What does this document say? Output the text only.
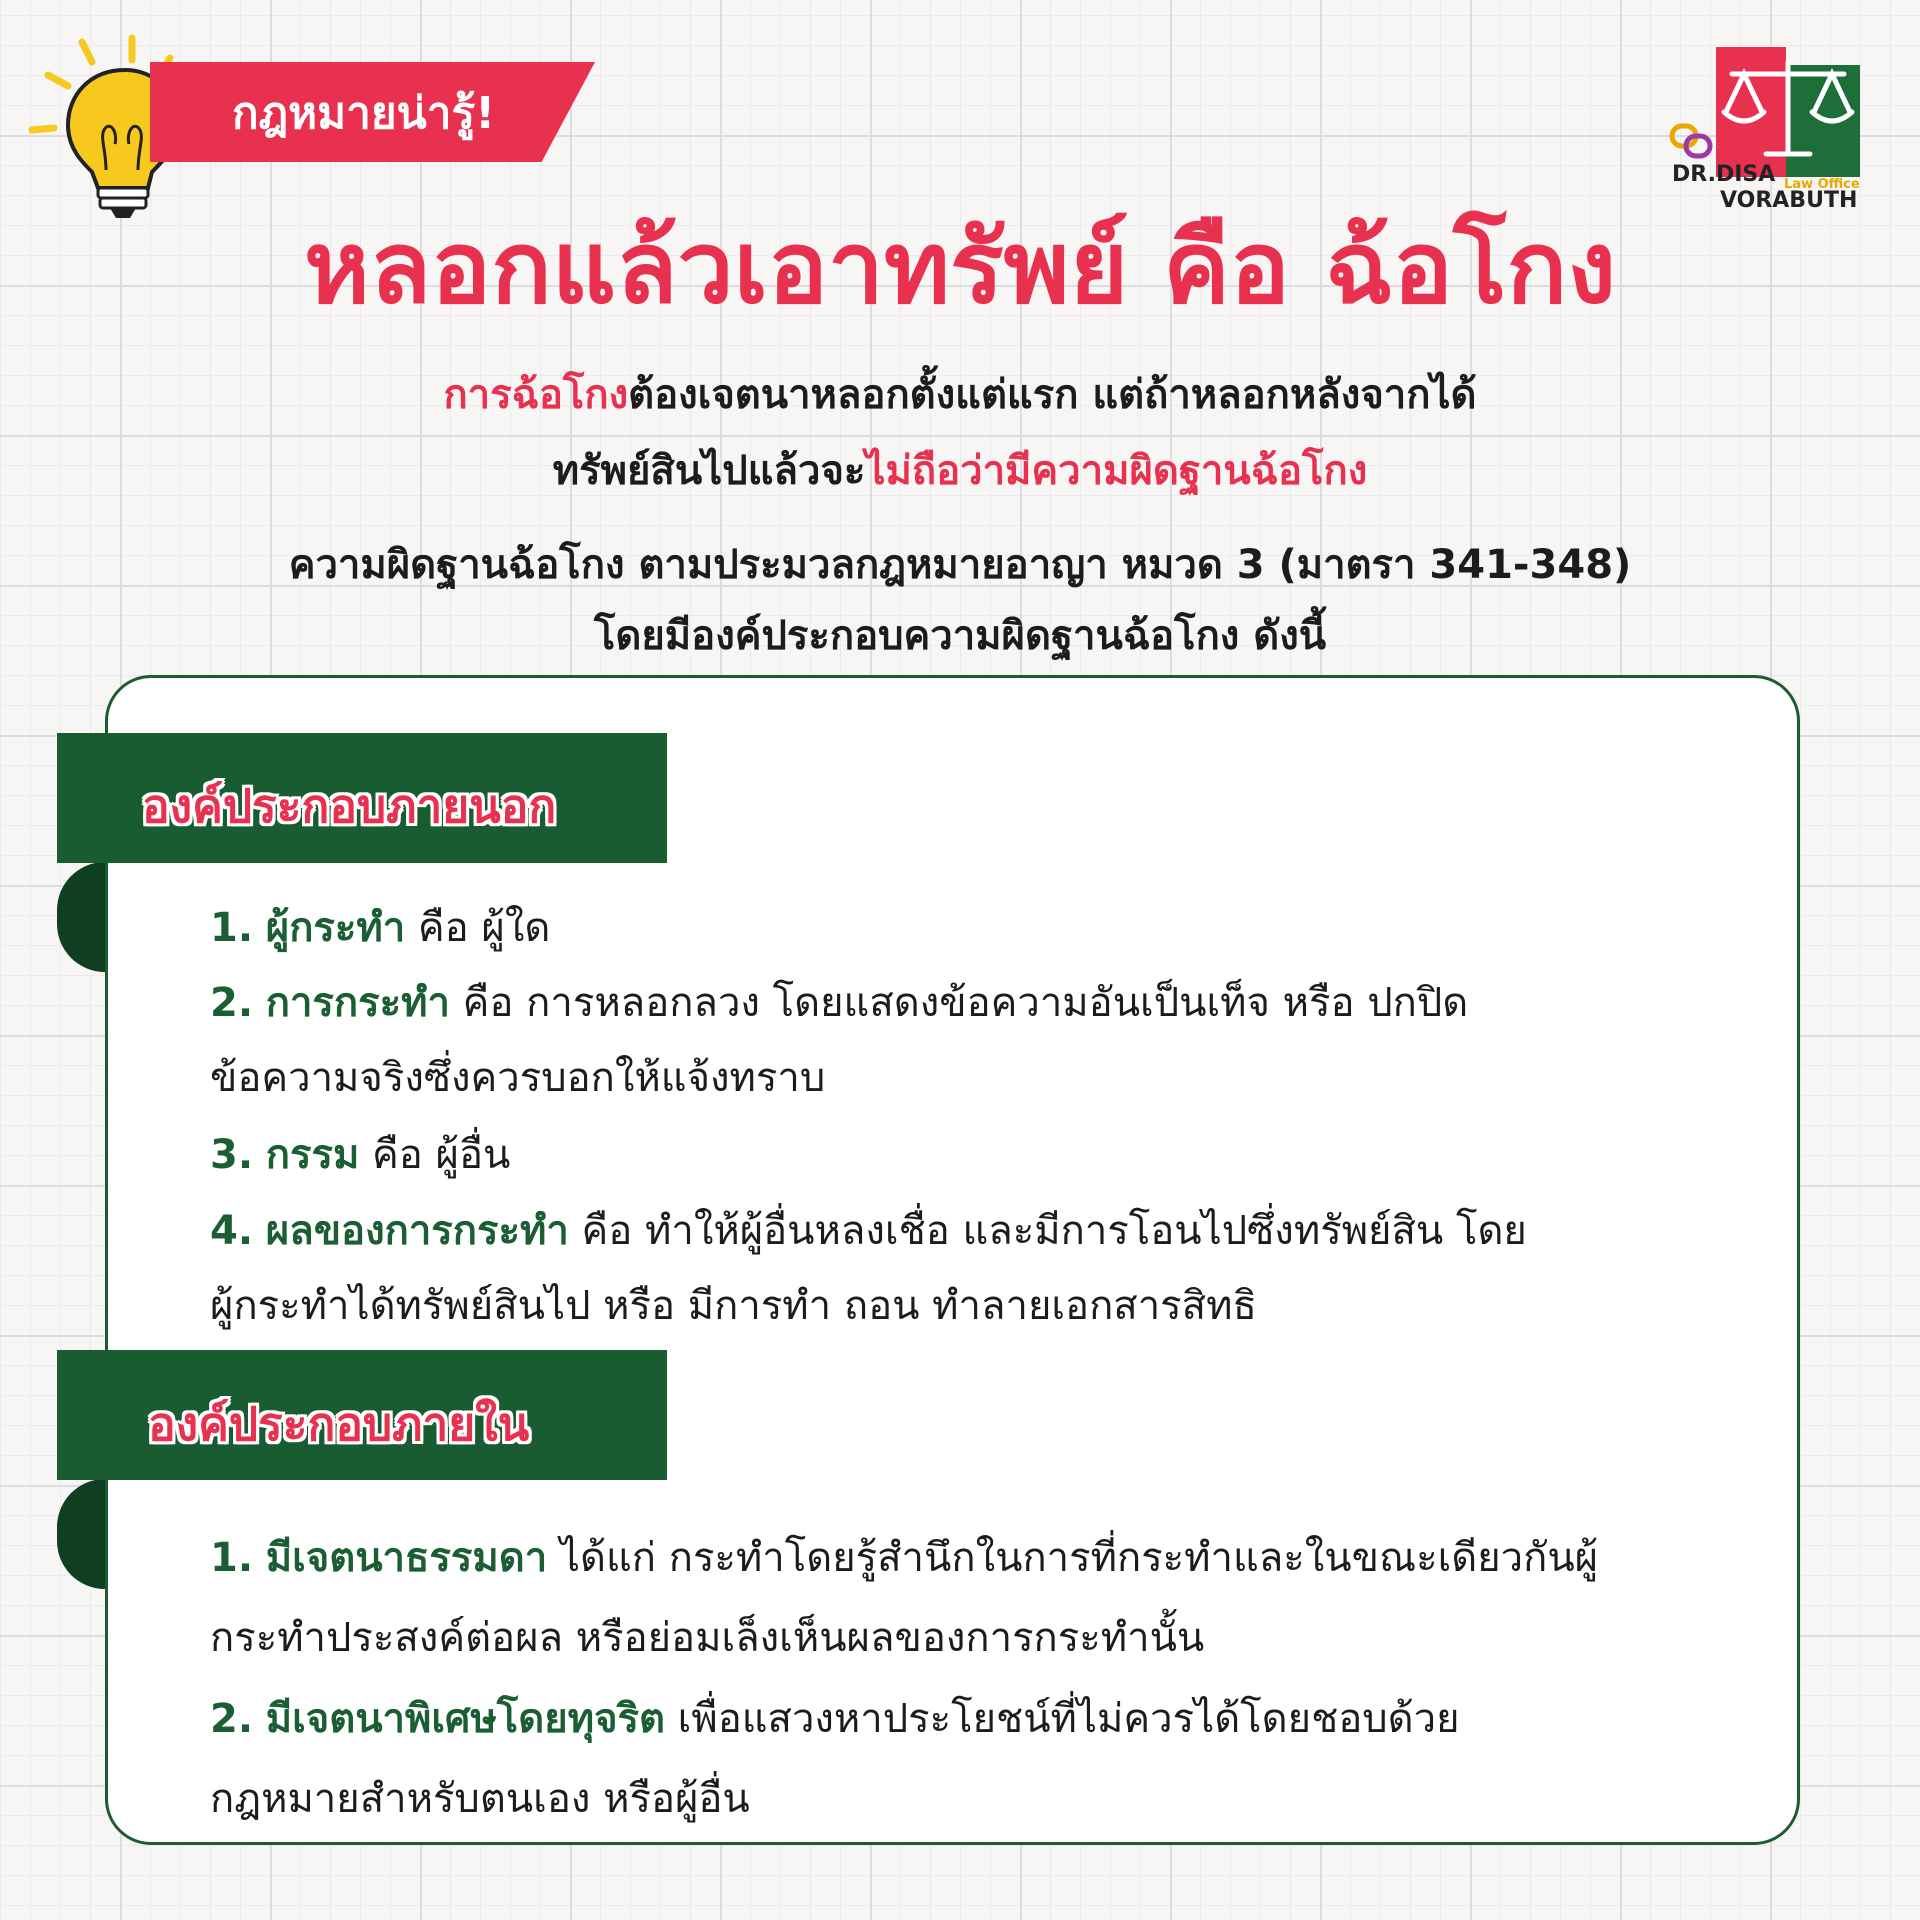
กฎหมายน่ารู้!
DR.DISA Law Office
VORABUTH
หลอกแล้วเอาทรัพย์ คือ ฉ้อโกง
การฉ้อโกงต้องเจตนาหลอกตั้งแต่แรก แต่ถ้าหลอกหลังจากได้
ทรัพย์สินไปแล้วจะไม่ถือว่ามีความผิดฐานฉ้อโกง
ความผิดฐานฉ้อโกง ตามประมวลกฎหมายอาญา หมวด 3 (มาตรา 341-348)
โดยมีองค์ประกอบความผิดฐานฉ้อโกง ดังนี้
องค์ประกอบภายนอก
1. ผู้กระทำ คือ ผู้ใด
2. การกระทำ คือ การหลอกลวง โดยแสดงข้อความอันเป็นเท็จ หรือ ปกปิด
ข้อความจริงซึ่งควรบอกให้แจ้งทราบ
3. กรรม คือ ผู้อื่น
4. ผลของการกระทำ คือ ทำให้ผู้อื่นหลงเชื่อ และมีการโอนไปซึ่งทรัพย์สิน โดย
ผู้กระทำได้ทรัพย์สินไป หรือ มีการทำ ถอน ทำลายเอกสารสิทธิ
องค์ประกอบภายใน
1. มีเจตนาธรรมดา ได้แก่ กระทำโดยรู้สำนึกในการที่กระทำและในขณะเดียวกันผู้
กระทำประสงค์ต่อผล หรือย่อมเล็งเห็นผลของการกระทำนั้น
2. มีเจตนาพิเศษโดยทุจริต เพื่อแสวงหาประโยชน์ที่ไม่ควรได้โดยชอบด้วย
กฎหมายสำหรับตนเอง หรือผู้อื่น
